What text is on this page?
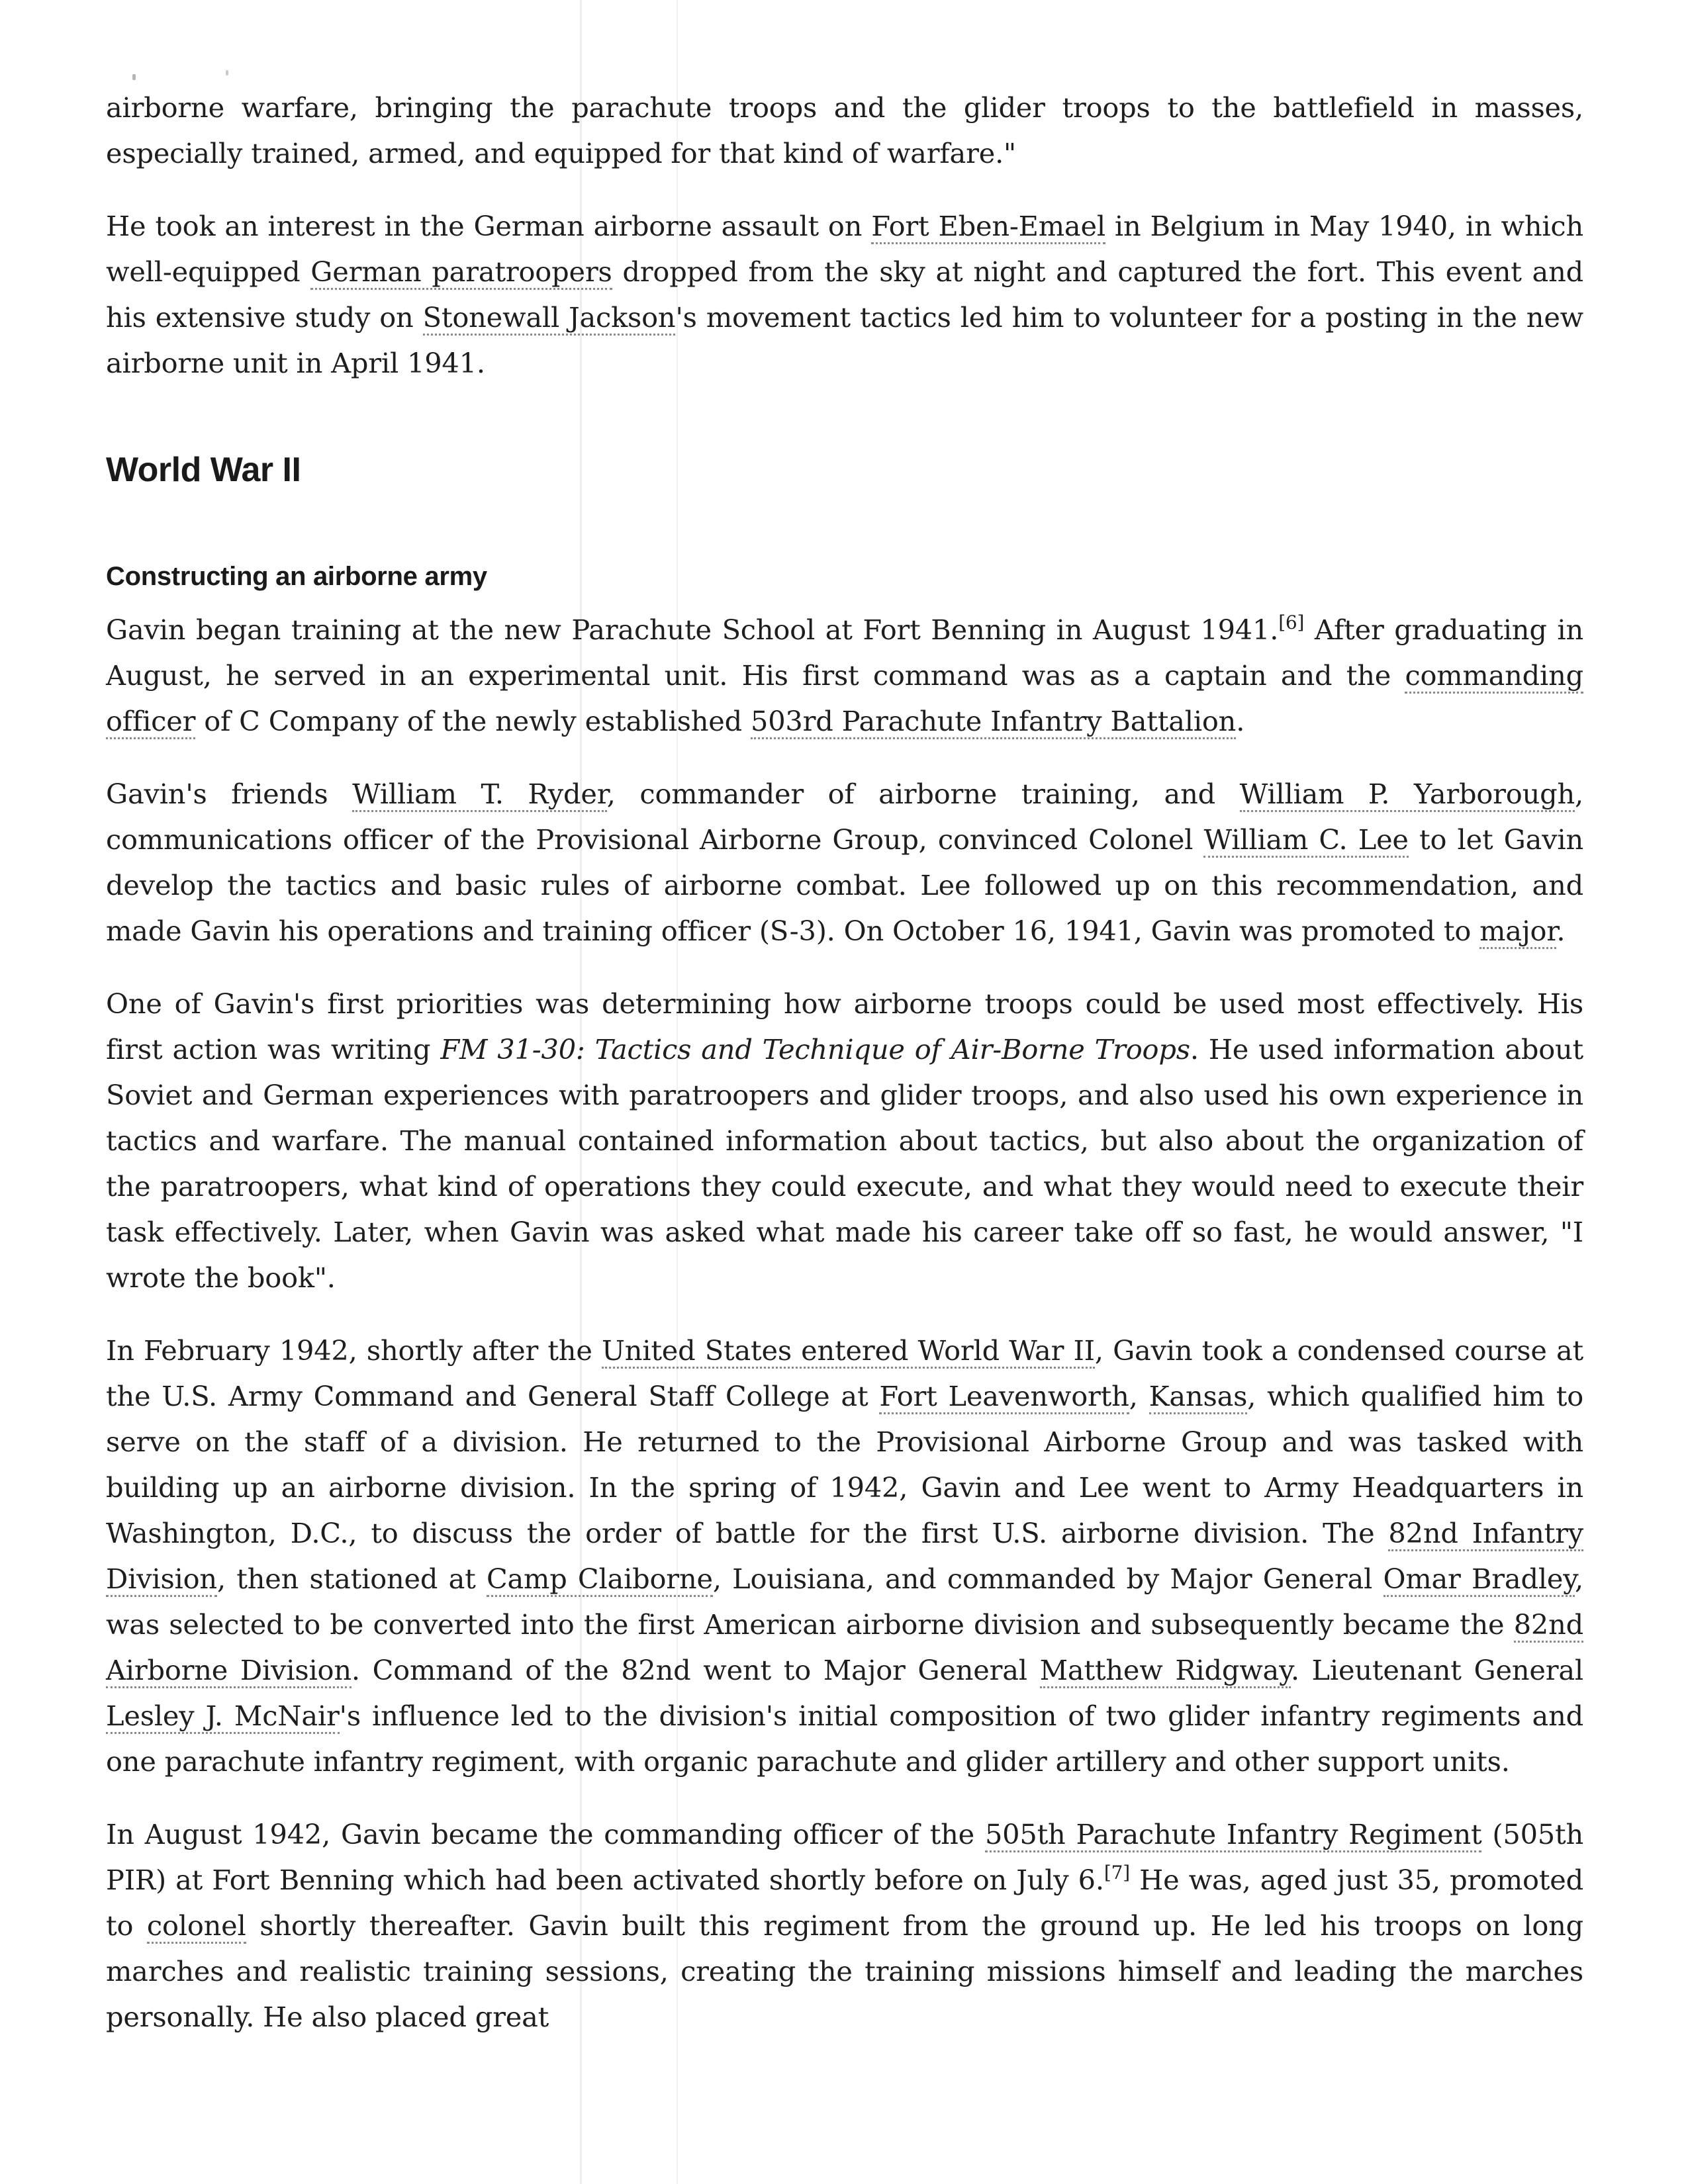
airborne warfare, bringing the parachute troops and the glider troops to the battlefield in masses, especially trained, armed, and equipped for that kind of warfare."

He took an interest in the German airborne assault on Fort Eben-Emael in Belgium in May 1940, in which well-equipped German paratroopers dropped from the sky at night and captured the fort. This event and his extensive study on Stonewall Jackson's movement tactics led him to volunteer for a posting in the new airborne unit in April 1941.

World War II
Constructing an airborne army

Gavin began training at the new Parachute School at Fort Benning in August 1941.[6] After graduating in August, he served in an experimental unit. His first command was as a captain and the commanding officer of C Company of the newly established 503rd Parachute Infantry Battalion.

Gavin's friends William T. Ryder, commander of airborne training, and William P. Yarborough, communications officer of the Provisional Airborne Group, convinced Colonel William C. Lee to let Gavin develop the tactics and basic rules of airborne combat. Lee followed up on this recommendation, and made Gavin his operations and training officer (S-3). On October 16, 1941, Gavin was promoted to major.

One of Gavin's first priorities was determining how airborne troops could be used most effectively. His first action was writing FM 31-30: Tactics and Technique of Air-Borne Troops. He used information about Soviet and German experiences with paratroopers and glider troops, and also used his own experience in tactics and warfare. The manual contained information about tactics, but also about the organization of the paratroopers, what kind of operations they could execute, and what they would need to execute their task effectively. Later, when Gavin was asked what made his career take off so fast, he would answer, "I wrote the book".

In February 1942, shortly after the United States entered World War II, Gavin took a condensed course at the U.S. Army Command and General Staff College at Fort Leavenworth, Kansas, which qualified him to serve on the staff of a division. He returned to the Provisional Airborne Group and was tasked with building up an airborne division. In the spring of 1942, Gavin and Lee went to Army Headquarters in Washington, D.C., to discuss the order of battle for the first U.S. airborne division. The 82nd Infantry Division, then stationed at Camp Claiborne, Louisiana, and commanded by Major General Omar Bradley, was selected to be converted into the first American airborne division and subsequently became the 82nd Airborne Division. Command of the 82nd went to Major General Matthew Ridgway. Lieutenant General Lesley J. McNair's influence led to the division's initial composition of two glider infantry regiments and one parachute infantry regiment, with organic parachute and glider artillery and other support units.

In August 1942, Gavin became the commanding officer of the 505th Parachute Infantry Regiment (505th PIR) at Fort Benning which had been activated shortly before on July 6.[7] He was, aged just 35, promoted to colonel shortly thereafter. Gavin built this regiment from the ground up. He led his troops on long marches and realistic training sessions, creating the training missions himself and leading the marches personally. He also placed great
